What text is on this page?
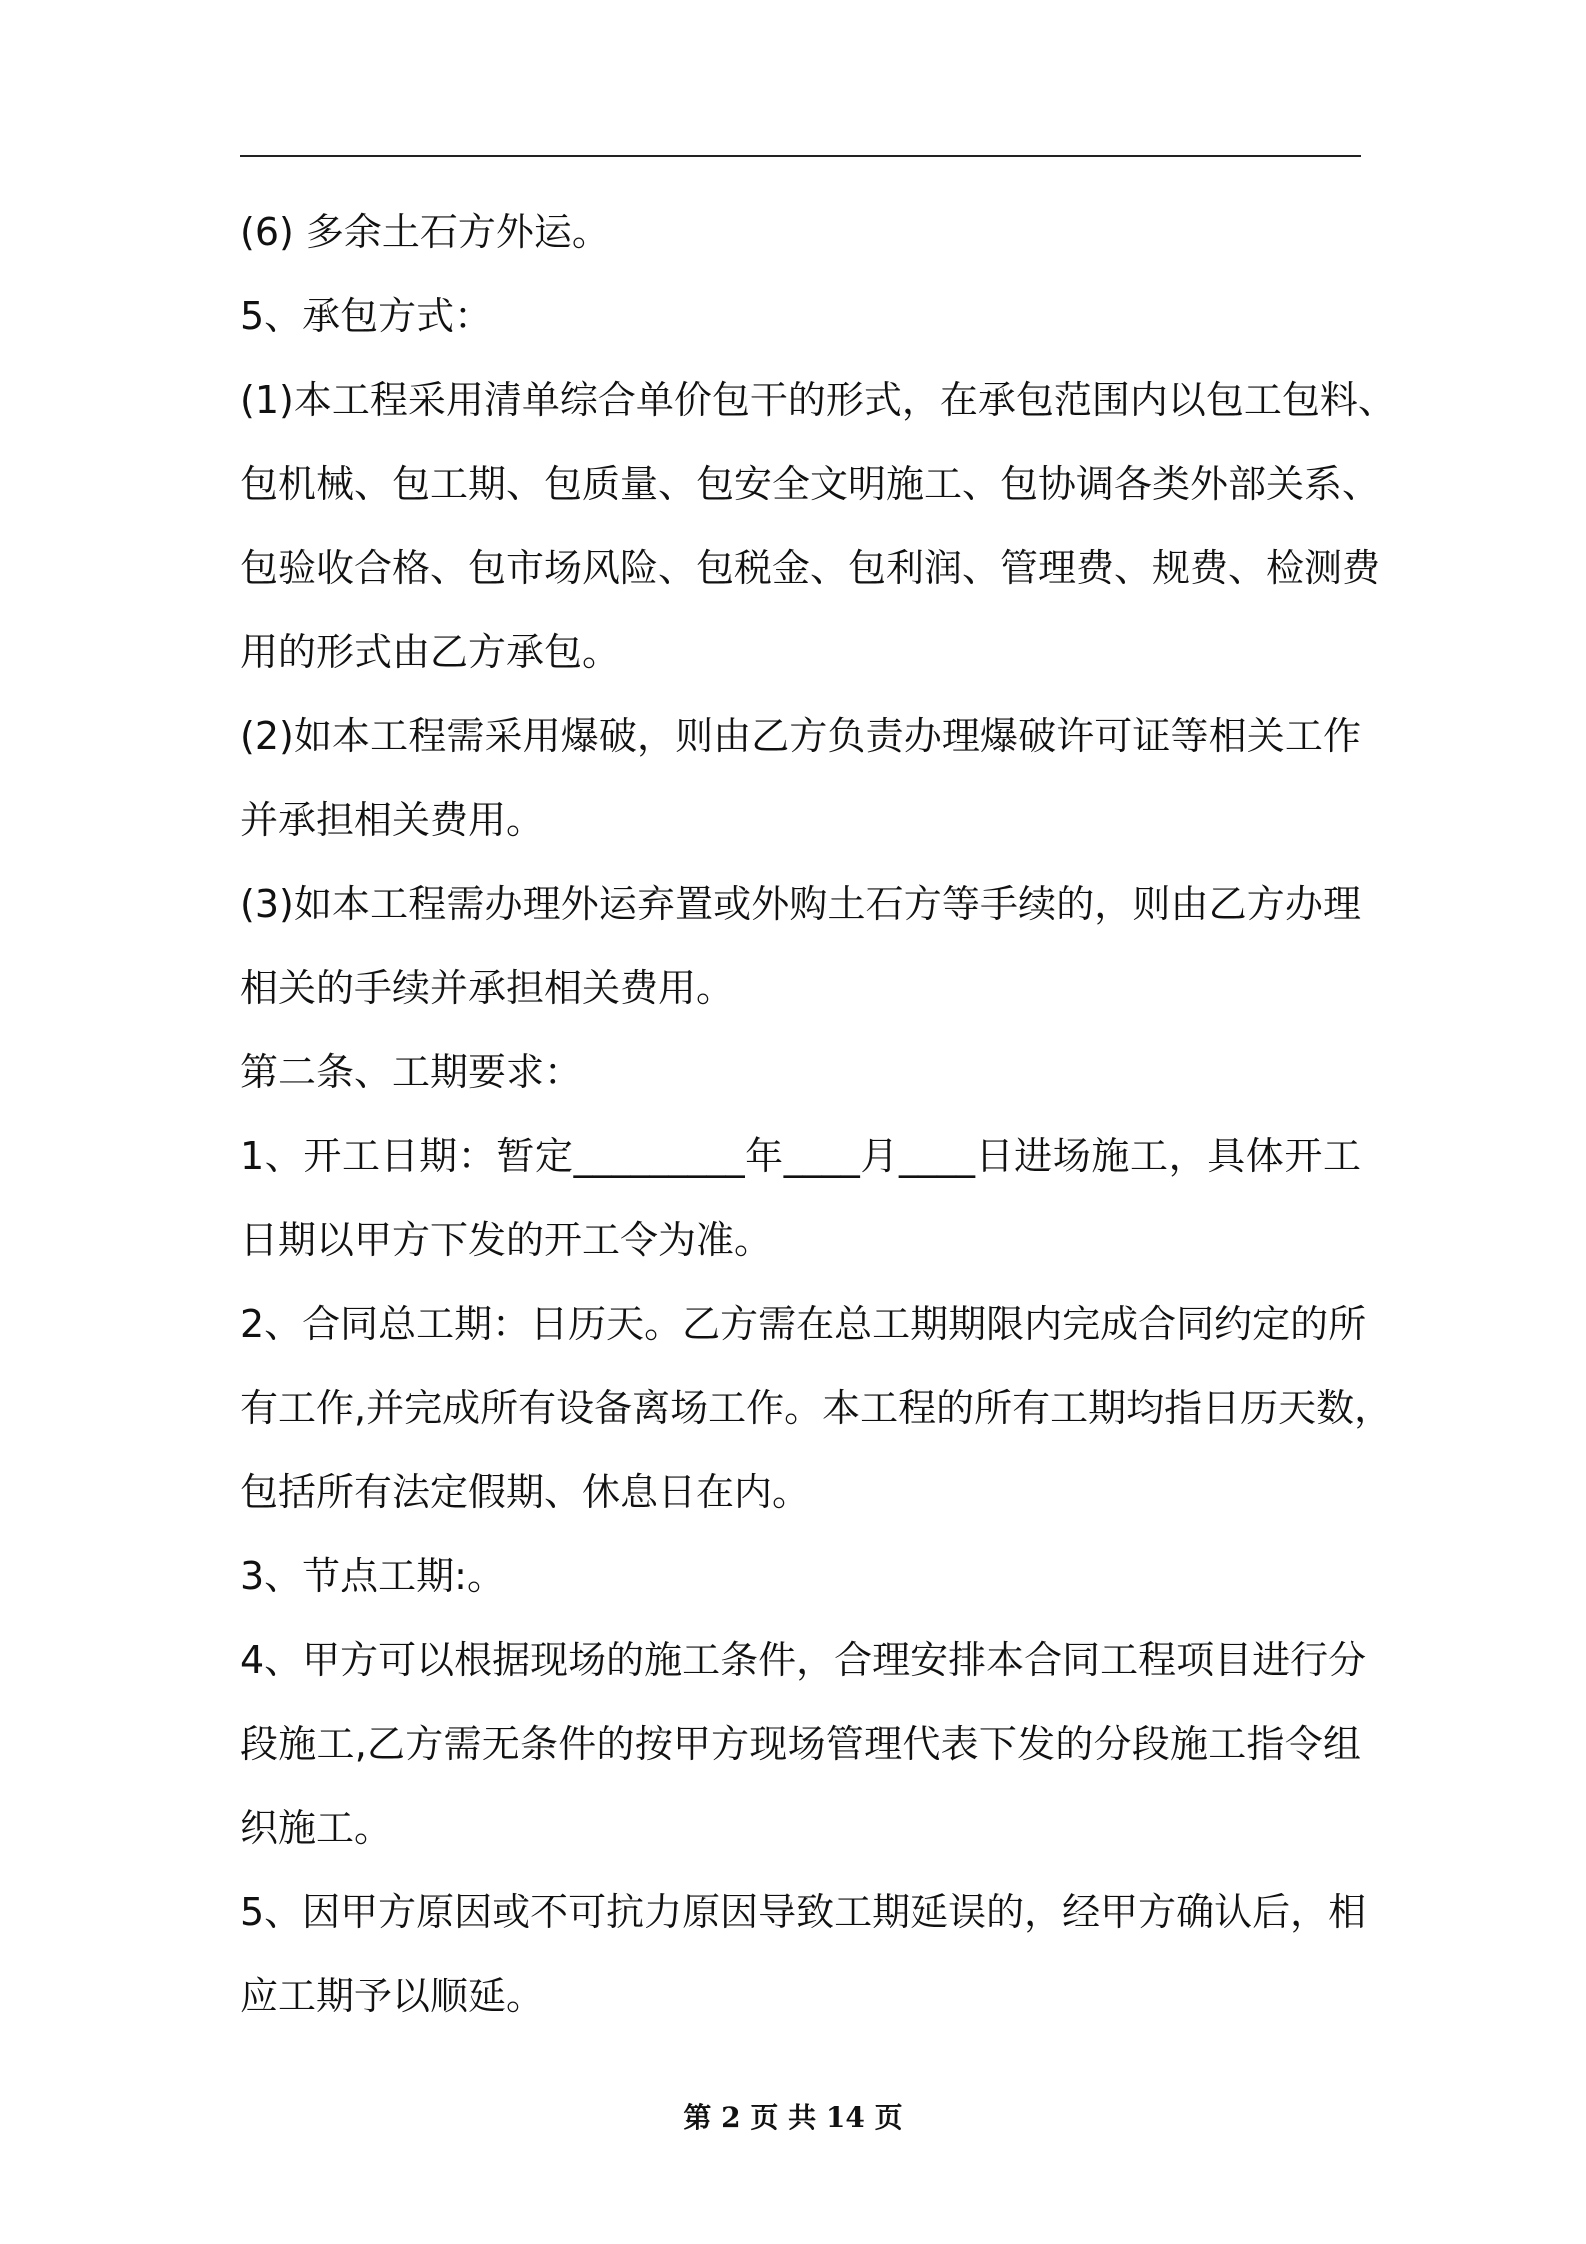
(6) 多余土石方外运。
5、承包方式：
(1)本工程采用清单综合单价包干的形式，在承包范围内以包工包料、
包机械、包工期、包质量、包安全文明施工、包协调各类外部关系、
包验收合格、包市场风险、包税金、包利润、管理费、规费、检测费
用的形式由乙方承包。
(2)如本工程需采用爆破，则由乙方负责办理爆破许可证等相关工作
并承担相关费用。
(3)如本工程需办理外运弃置或外购土石方等手续的，则由乙方办理
相关的手续并承担相关费用。
第二条、工期要求：
1、开工日期：暂定_________年____月____日进场施工，具体开工
日期以甲方下发的开工令为准。
2、合同总工期：日历天。乙方需在总工期期限内完成合同约定的所
有工作,并完成所有设备离场工作。本工程的所有工期均指日历天数，
包括所有法定假期、休息日在内。
3、节点工期:。
4、甲方可以根据现场的施工条件，合理安排本合同工程项目进行分
段施工,乙方需无条件的按甲方现场管理代表下发的分段施工指令组
织施工。
5、因甲方原因或不可抗力原因导致工期延误的，经甲方确认后，相
应工期予以顺延。
第 2 页 共 14 页
